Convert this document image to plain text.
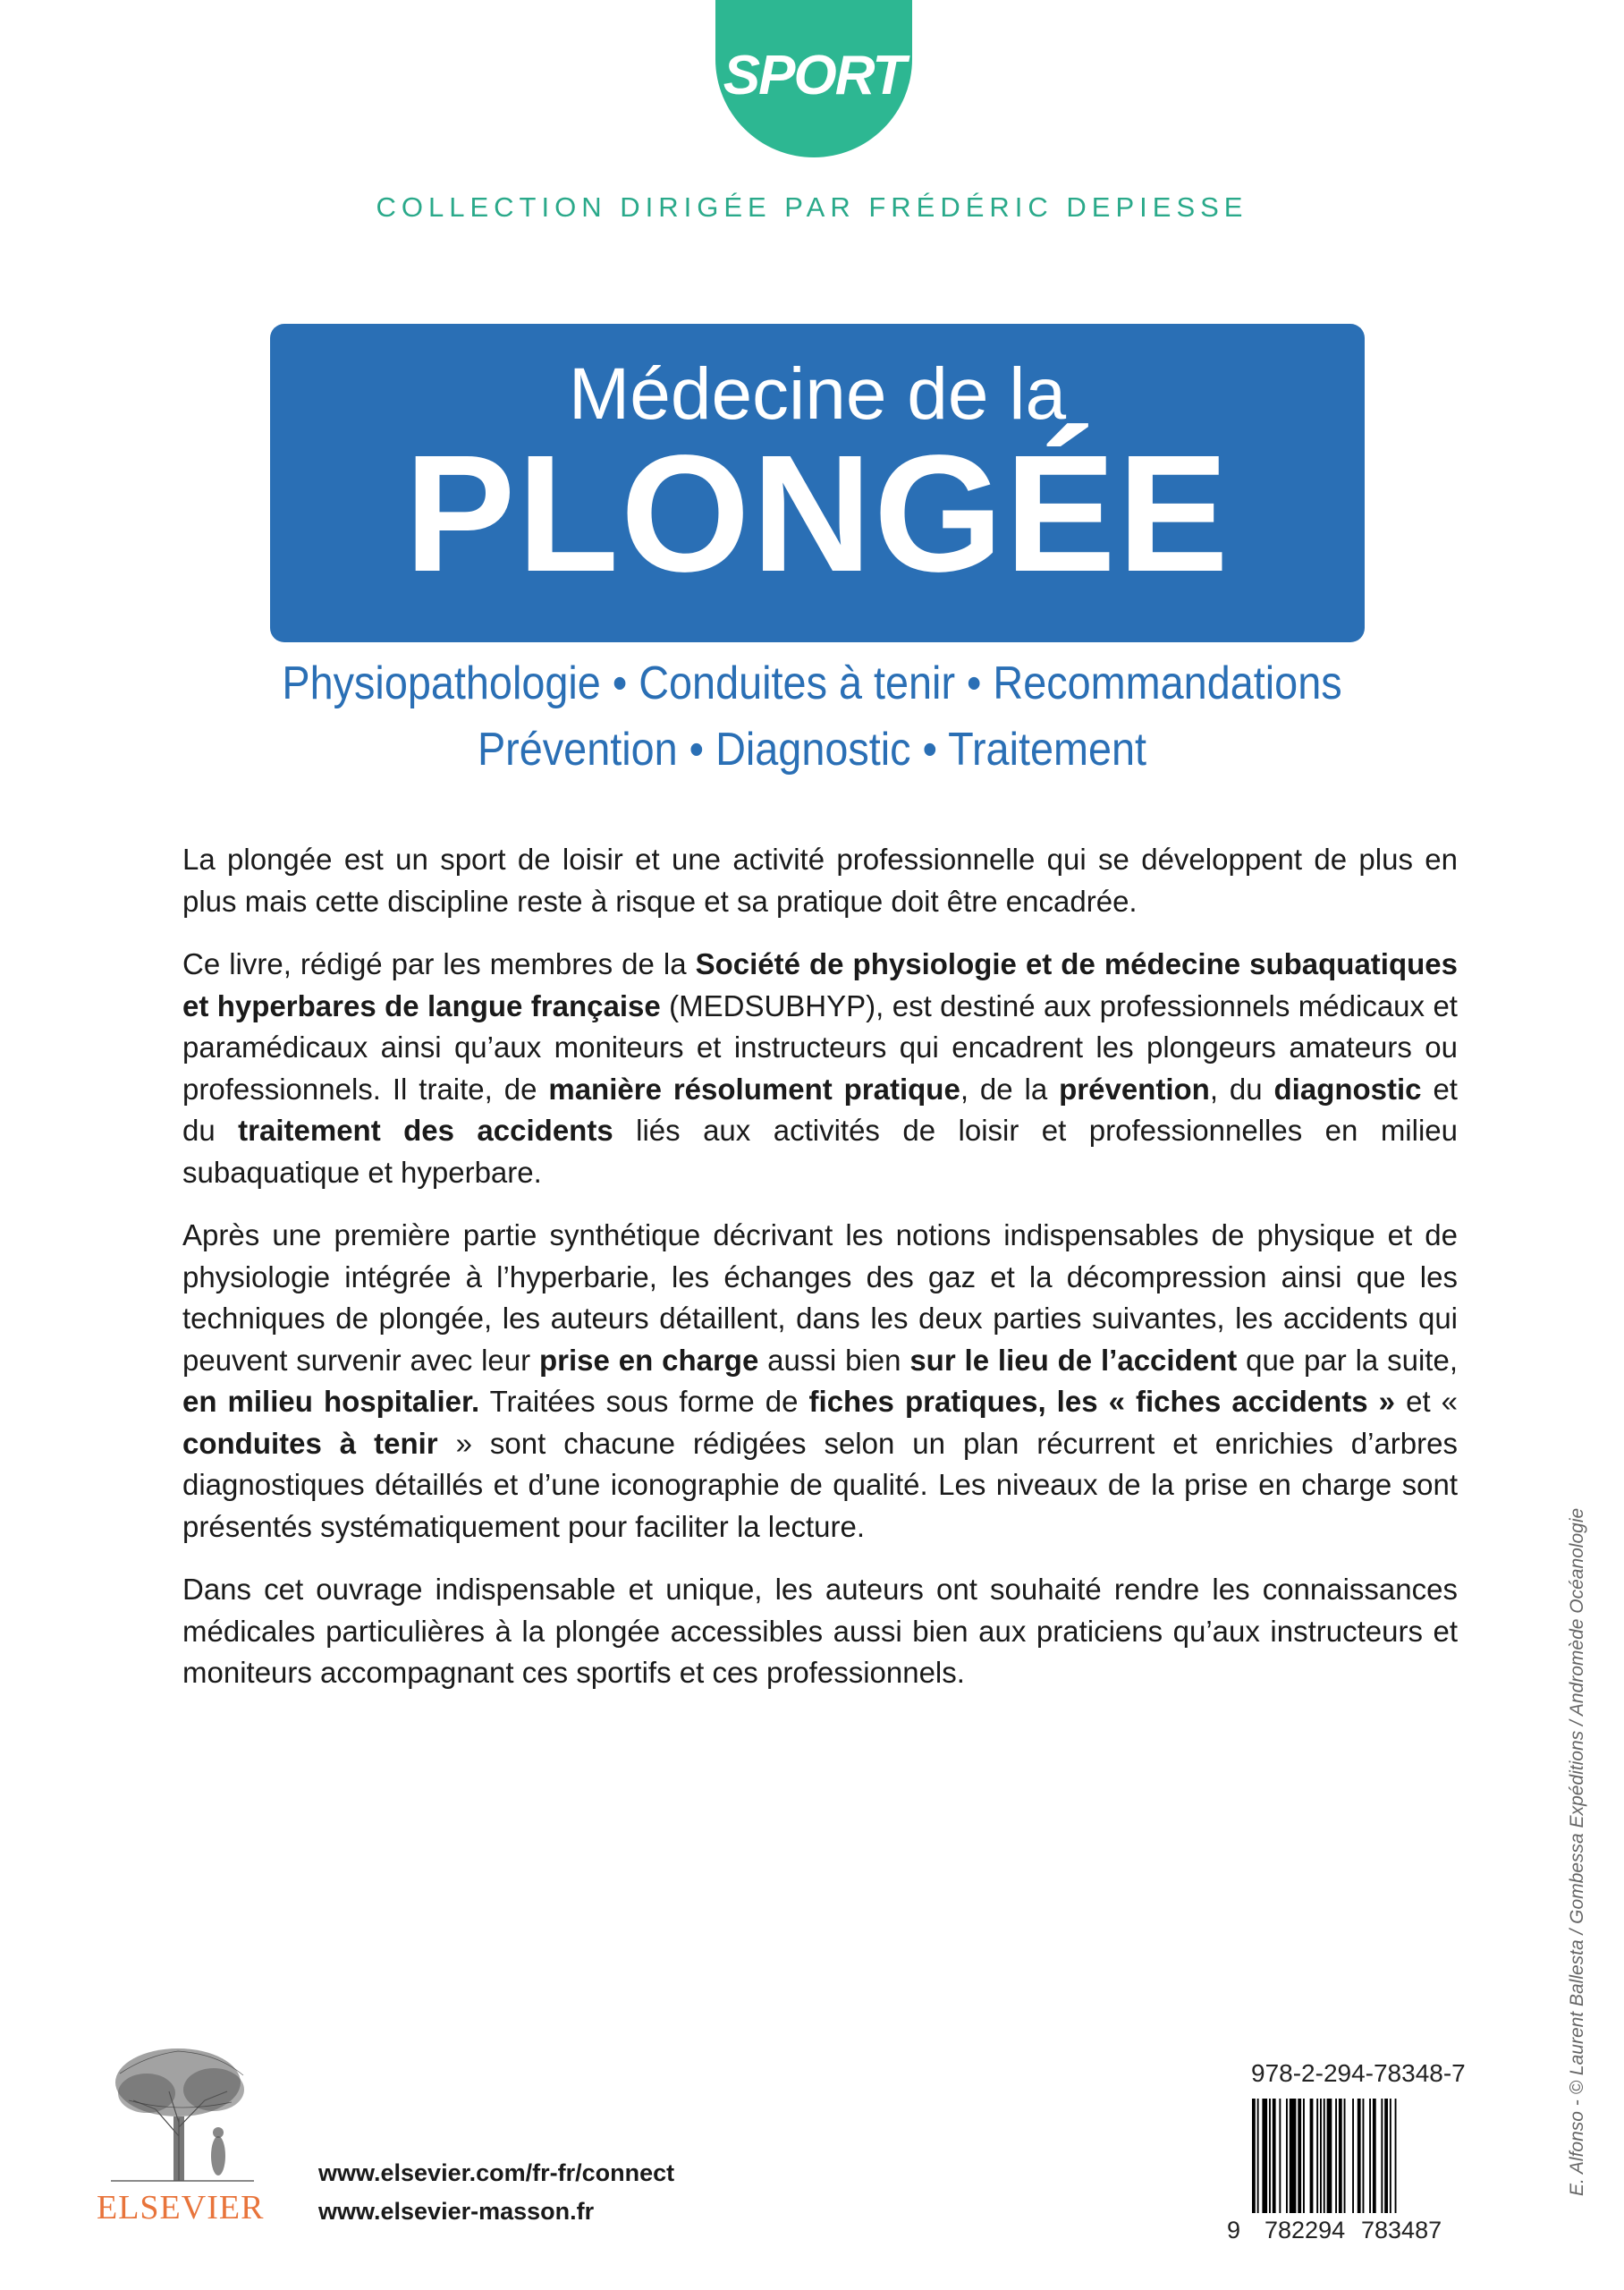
SPORT
COLLECTION DIRIGÉE PAR FRÉDÉRIC DEPIESSE
Médecine de la
PLONGÉE
Physiopathologie • Conduites à tenir • Recommandations
Prévention • Diagnostic • Traitement

La plongée est un sport de loisir et une activité professionnelle qui se développent de plus en plus mais cette discipline reste à risque et sa pratique doit être encadrée.

Ce livre, rédigé par les membres de la Société de physiologie et de médecine subaquatiques et hyperbares de langue française (MEDSUBHYP), est destiné aux professionnels médicaux et paramédicaux ainsi qu’aux moniteurs et instructeurs qui encadrent les plongeurs amateurs ou professionnels. Il traite, de manière résolument pratique, de la prévention, du diagnostic et du traitement des accidents liés aux activités de loisir et professionnelles en milieu subaquatique et hyperbare.

Après une première partie synthétique décrivant les notions indispensables de physique et de physiologie intégrée à l’hyperbarie, les échanges des gaz et la décompression ainsi que les techniques de plongée, les auteurs détaillent, dans les deux parties suivantes, les accidents qui peuvent survenir avec leur prise en charge aussi bien sur le lieu de l’accident que par la suite, en milieu hospitalier. Traitées sous forme de fiches pratiques, les « fiches accidents » et « conduites à tenir » sont chacune rédigées selon un plan récurrent et enrichies d’arbres diagnostiques détaillés et d’une iconographie de qualité. Les niveaux de la prise en charge sont présentés systématiquement pour faciliter la lecture.

Dans cet ouvrage indispensable et unique, les auteurs ont souhaité rendre les connaissances médicales particulières à la plongée accessibles aussi bien aux praticiens qu’aux instructeurs et moniteurs accompagnant ces sportifs et ces professionnels.	E. Alfonso - © Laurent Ballesta / Gombessa Expéditions / Andromède Océanologie
ELSEVIER
www.elsevier.com/fr-fr/connect
www.elsevier-masson.fr
978-2-294-78348-7
9 782294 783487
